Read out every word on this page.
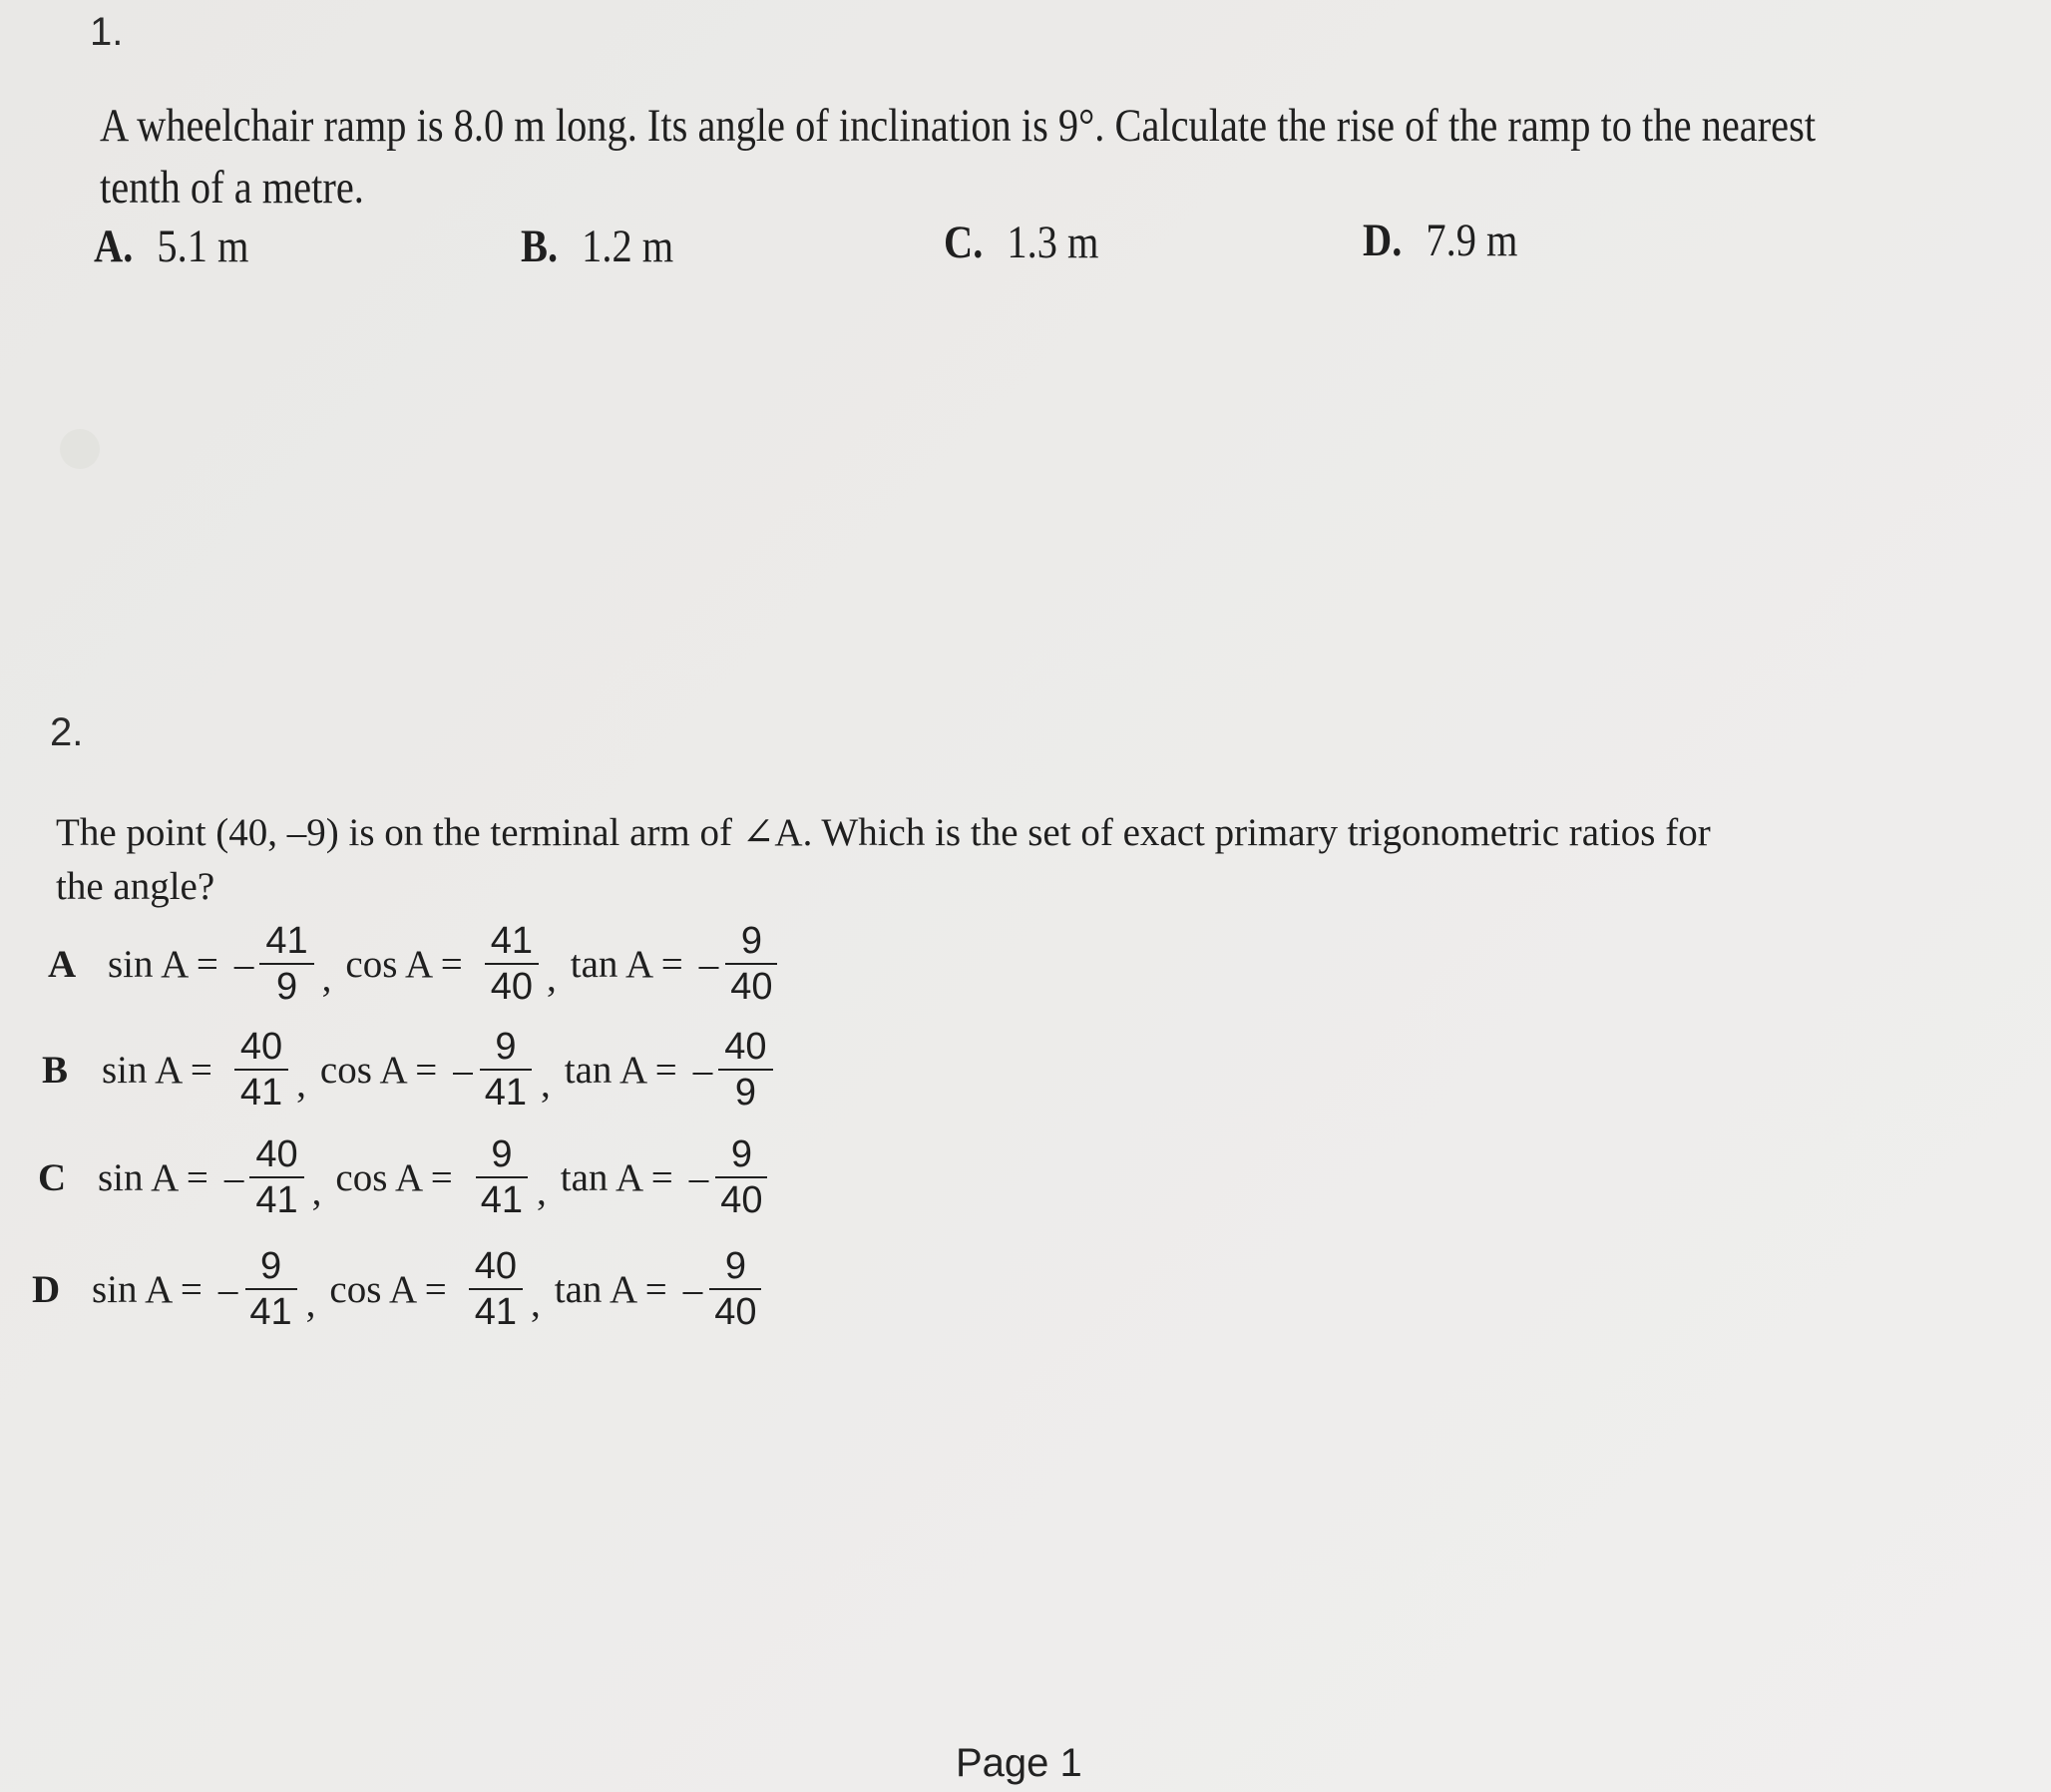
1.
A wheelchair ramp is 8.0 m long. Its angle of inclination is 9°. Calculate the rise of the ramp to the nearest
tenth of a metre.
A. 5.1 m	B. 1.2 m	C. 1.3 m	D. 7.9 m
2.
The point (40, –9) is on the terminal arm of ∠A. Which is the set of exact primary trigonometric ratios for
the angle?
A sin A = – $\frac{41}{9}$ , $\cos A = \frac{41}{40}$ , tan A = – $\frac{9}{40}$
B $\sin A = \frac{40}{41}$ , cos A = – $\frac{9}{41}$ , tan A = – $\frac{40}{9}$
C sin A = – $\frac{40}{41}$ , $\cos A = \frac{9}{41}$ , tan A = – $\frac{9}{40}$
D sin A = – $\frac{9}{41}$ , $\cos A = \frac{40}{41}$ , tan A = – $\frac{9}{40}$
Page 1
